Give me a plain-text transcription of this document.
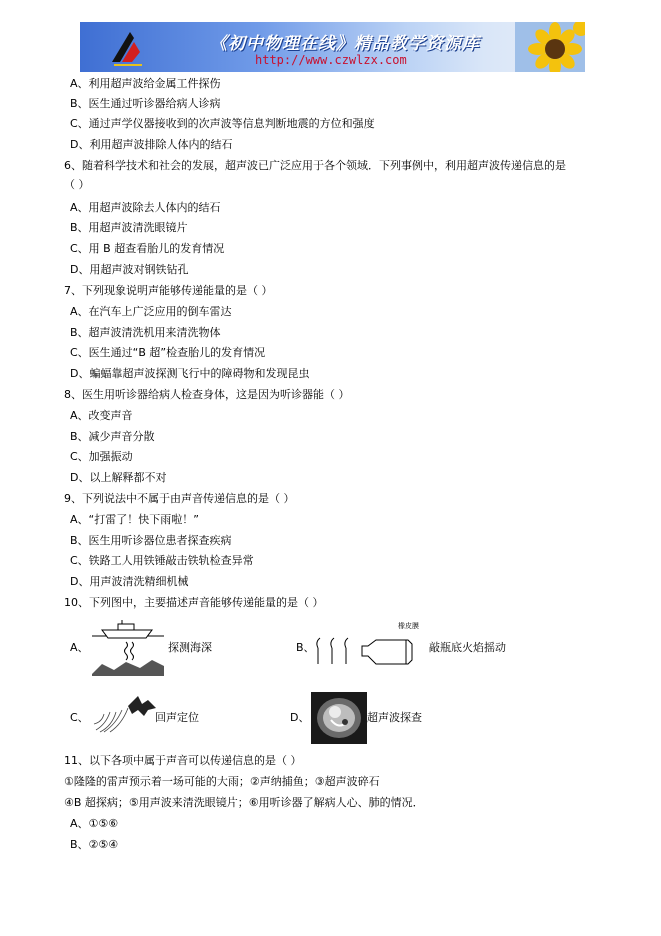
《初中物理在线》精品教学资源库
http://www.czwlzx.com
A、利用超声波给金属工件探伤
B、医生通过听诊器给病人诊病
C、通过声学仪器接收到的次声波等信息判断地震的方位和强度
D、利用超声波排除人体内的结石
6、随着科学技术和社会的发展，超声波已广泛应用于各个领域．下列事例中，利用超声波传递信息的是
（ ）
A、用超声波除去人体内的结石
B、用超声波清洗眼镜片
C、用 B 超查看胎儿的发育情况
D、用超声波对钢铁钻孔
7、下列现象说明声能够传递能量的是（ ）
A、在汽车上广泛应用的倒车雷达
B、超声波清洗机用来清洗物体
C、医生通过“B 超”检查胎儿的发育情况
D、蝙蝠靠超声波探测飞行中的障碍物和发现昆虫
8、医生用听诊器给病人检查身体，这是因为听诊器能（ ）
A、改变声音
B、减少声音分散
C、加强振动
D、以上解释都不对
9、下列说法中不属于由声音传递信息的是（ ）
A、“打雷了！快下雨啦！”
B、医生用听诊器位患者探查疾病
C、铁路工人用铁锤敲击铁轨检查异常
D、用声波清洗精细机械
10、下列图中，主要描述声音能够传递能量的是（ ）
A、	探测海深	B、
橡皮膜
敲瓶底火焰摇动
C、	回声定位	D、	超声波探查
11、以下各项中属于声音可以传递信息的是（ ）
①隆隆的雷声预示着一场可能的大雨；②声纳捕鱼；③超声波碎石
④B 超探病；⑤用声波来清洗眼镜片；⑥用听诊器了解病人心、肺的情况．
A、①⑤⑥
B、②⑤④
